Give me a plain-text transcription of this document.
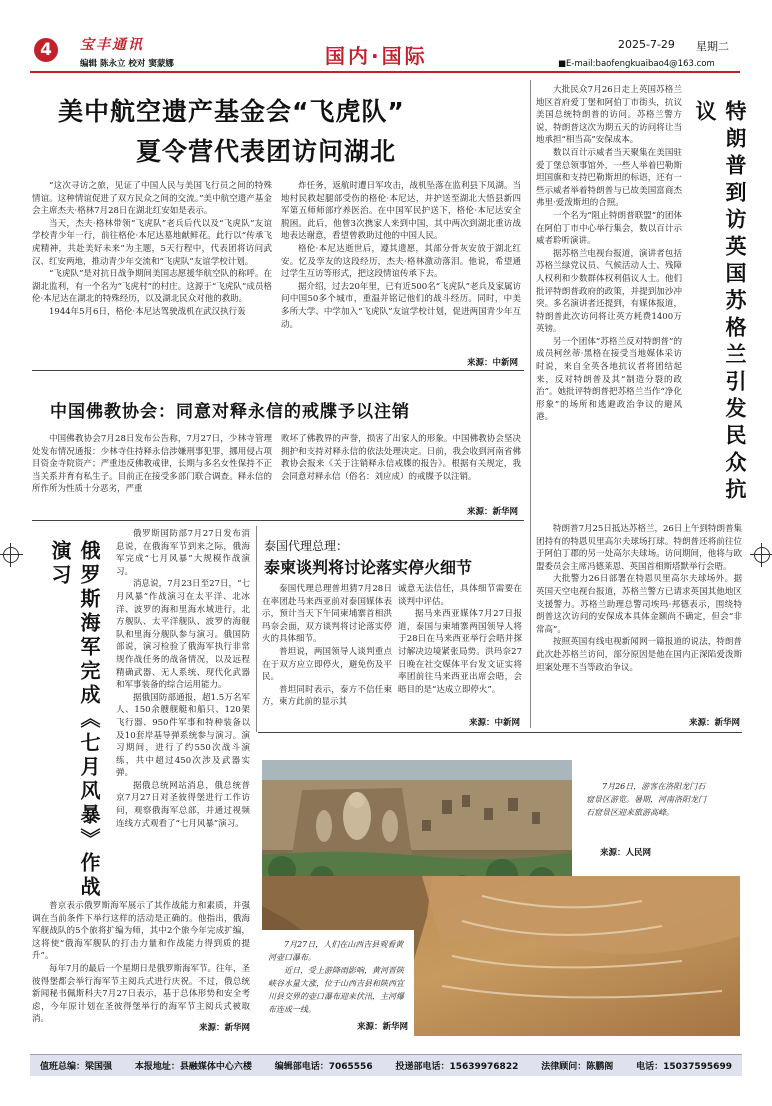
4	宝丰通讯
编辑 陈永立 校对 窦蒙娜	国内·国际	2025-7-29 星期二
■E-mail:baofengkuaibao4@163.com
美中航空遗产基金会“飞虎队”
夏令营代表团访问湖北

“这次寻访之旅，见证了中国人民与美国飞行员之间的特殊情谊。这种情谊促进了双方民众之间的交流。”美中航空遗产基金会主席杰夫·格林7月28日在湖北红安如是表示。

当天，杰夫·格林带领“飞虎队”老兵后代以及“飞虎队”友谊学校青少年一行，前往格伦·本尼达墓地献鲜花。此行以“传承飞虎精神，共赴美好未来”为主题，5天行程中，代表团将访问武汉、红安两地，推动青少年交流和“飞虎队”友谊学校计划。

“飞虎队”是对抗日战争期间美国志愿援华航空队的称呼。在湖北监利，有一个名为“飞虎村”的村庄。这源于“飞虎队”成员格伦·本尼达在湖北的特殊经历，以及湖北民众对他的救助。

1944年5月6日，格伦·本尼达驾驶战机在武汉执行轰

炸任务，返航时遭日军攻击，战机坠落在监利县下凤湖。当地村民救起腿部受伤的格伦·本尼达，并护送至湖北大悟县新四军第五师师部疗养医治。在中国军民护送下，格伦·本尼达安全脱困。此后，他曾3次携家人来到中国，其中两次到湖北重访战地表达谢意，看望曾救助过他的中国人民。

格伦·本尼达逝世后，遵其遗愿，其部分骨灰安放于湖北红安。忆及孪友的这段经历，杰夫·格林激动落泪。他说，希望通过学生互访等形式，把这段情谊传承下去。

据介绍，过去20年里，已有近500名“飞虎队”老兵及家属访问中国50多个城市，重温并铭记他们的战斗经历。同时，中美多所大学、中学加入“飞虎队”友谊学校计划，促进两国青少年互动。

来源：中新网
中国佛教协会：同意对释永信的戒牒予以注销

中国佛教协会7月28日发布公告称，7月27日，少林寺管理处发布情况通报：少林寺住持释永信涉嫌刑事犯罪，挪用侵占项目资金寺院资产；严重违反佛教戒律，长期与多名女性保持不正当关系并育有私生子。目前正在接受多部门联合调查。释永信的所作所为性质十分恶劣，严重

败坏了佛教界的声誉，损害了出家人的形象。中国佛教协会坚决拥护和支持对释永信的依法处理决定。日前，我会收到河南省佛教协会报来《关于注销释永信戒牒的报告》。根据有关规定，我会同意对释永信（俗名：刘应成）的戒牒予以注销。

来源：新华网

大批民众7月26日走上英国苏格兰地区首府爱丁堡和阿伯丁市街头，抗议美国总统特朗普的访问。苏格兰警方说，特朗普这次为期五天的访问将让当地承担“相当高”安保成本。

数以百计示威者当天聚集在美国驻爱丁堡总领事馆外，一些人举着巴勒斯坦国旗和支持巴勒斯坦的标语，还有一些示威者举着特朗普与已故美国富商杰弗里·爱泼斯坦的合照。

一个名为“阻止特朗普联盟”的团体在阿伯丁市中心举行集会，数以百计示威者聆听演讲。

据苏格兰电视台报道，演讲者包括苏格兰绿党议员、气候活动人士、残障人权利和少数群体权利倡议人士。他们批评特朗普政府的政策，并提到加沙冲突。多名演讲者还提到，有媒体报道，特朗普此次访问将让英方耗费1400万英镑。

另一个团体“苏格兰反对特朗普”的成员柯丝蒂·黑格在接受当地媒体采访时说，来自全英各地抗议者将团结起来，反对特朗普及其“制造分裂的政治”。她批评特朗普把苏格兰当作“净化形象”的场所和逃避政治争议的避风港。	特朗普到访英国苏格兰引发民众抗议

特朗普7月25日抵达苏格兰，26日上午到特朗普集团持有的特恩贝里高尔夫球场打球。特朗普还将前往位于阿伯丁郡的另一处高尔夫球场。访问期间，他将与欧盟委员会主席冯德莱恩、英国首相斯塔默举行会晤。

大批警力26日部署在特恩贝里高尔夫球场外。据英国天空电视台报道，苏格兰警方已请求英国其他地区支援警力。苏格兰助理总警司埃玛·邦德表示，围绕特朗普这次访问的安保成本具体金额尚不确定，但会“非常高”。

按照英国有线电视新闻网一篇报道的说法，特朗普此次赴苏格兰访问，部分原因是他在国内正深陷爱泼斯坦案处理不当等政治争议。

来源：新华网
俄罗斯海军完成《七月风暴》作战演习

俄罗斯国防部7月27日发布消息说，在俄海军节到来之际，俄海军完成“七月风暴”大规模作战演习。

消息说，7月23日至27日，“七月风暴”作战演习在太平洋、北冰洋、波罗的海和里海水域进行，北方舰队、太平洋舰队、波罗的海舰队和里海分舰队参与演习。俄国防部说，演习检验了俄海军执行非常规作战任务的战备情况，以及远程精确武器、无人系统、现代化武器和军事装备的综合运用能力。

据俄国防部通报，超1.5万名军人、150余艘舰艇和船只、120架飞行器、950件军事和特种装备以及10套岸基导弹系统参与演习。演习期间，进行了约550次战斗演练，共中超过450次涉及武器实弹。

据俄总统网站消息，俄总统普京7月27日对圣彼得堡进行工作访问，观察俄海军总部，并通过视频连线方式观看了“七月风暴”演习。

普京表示俄罗斯海军展示了其作战能力和素质，并强调在当前条件下举行这样的活动是正确的。他指出，俄海军舰战队的5个旅将扩编为师，其中2个旅今年完成扩编，这将使“俄海军舰队的打击力量和作战能力得到质的提升”。

每年7月的最后一个星期日是俄罗斯海军节。往年，圣彼得堡都会举行海军节主阅兵式进行庆祝。不过，俄总统新闻秘书佩斯科夫7月27日表示，基于总体形势和安全考虑，今年原计划在圣彼得堡举行的海军节主阅兵式被取消。

来源：新华网
泰国代理总理：
泰柬谈判将讨论落实停火细节

泰国代理总理普坦猜7月28日在率团赴马来西亚前对泰国媒体表示，预计当天下午同柬埔寨首相洪玛奈会面，双方谈判将讨论落实停火的具体细节。

普坦说，两国领导人谈判重点在于双方应立即停火，避免伤及平民。

普坦同时表示，泰方不信任柬方，柬方此前的显示其

诚意无法信任，具体细节需要在谈判中评估。

据马来西亚媒体7月27日报道，泰国与柬埔寨两国领导人将于28日在马来西亚举行会晤并探讨解决边境紧张局势。洪玛奈27日晚在社交媒体平台发文证实将率团前往马来西亚出席会晤，会晤目的是“达成立即停火”。

来源：中新网

7月26日，游客在洛阳龙门石窟景区游览。暑期，河南洛阳龙门石窟景区迎来旅游高峰。

来源：人民网

7月27日，人们在山西吉县观看黄河壶口瀑布。

近日，受上游降雨影响，黄河晋陕峡谷水量大涨，位于山西吉县和陕西宜川县交界的壶口瀑布迎来伏汛，主河爆布连成一线。

来源：新华网
值班总编：梁国强	本报地址：县融媒体中心六楼	编辑部电话：7065556	投递部电话：15639976822	法律顾问：陈鹏阁	电话：15037595699
